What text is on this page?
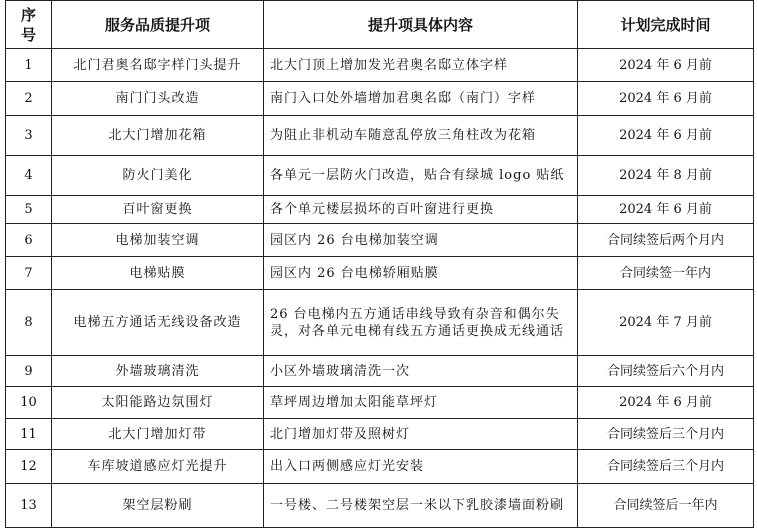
序号	服务品质提升项	提升项具体内容	计划完成时间
1	北门君奥名邸字样门头提升	北大门顶上增加发光君奥名邸立体字样	2024 年 6 月前
2	南门门头改造	南门入口处外墙增加君奥名邸（南门）字样	2024 年 6 月前
3	北大门增加花箱	为阻止非机动车随意乱停放三角柱改为花箱	2024 年 6 月前
4	防火门美化	各单元一层防火门改造，贴合有绿城 logo 贴纸	2024 年 8 月前
5	百叶窗更换	各个单元楼层损坏的百叶窗进行更换	2024 年 6 月前
6	电梯加装空调	园区内 26 台电梯加装空调	合同续签后两个月内
7	电梯贴膜	园区内 26 台电梯轿厢贴膜	合同续签一年内
8	电梯五方通话无线设备改造	26 台电梯内五方通话串线导致有杂音和偶尔失灵，对各单元电梯有线五方通话更换成无线通话	2024 年 7 月前
9	外墙玻璃清洗	小区外墙玻璃清洗一次	合同续签后六个月内
10	太阳能路边氛围灯	草坪周边增加太阳能草坪灯	2024 年 6 月前
11	北大门增加灯带	北门增加灯带及照树灯	合同续签后三个月内
12	车库坡道感应灯光提升	出入口两侧感应灯光安装	合同续签后三个月内
13	架空层粉刷	一号楼、二号楼架空层一米以下乳胶漆墙面粉刷	合同续签后一年内
